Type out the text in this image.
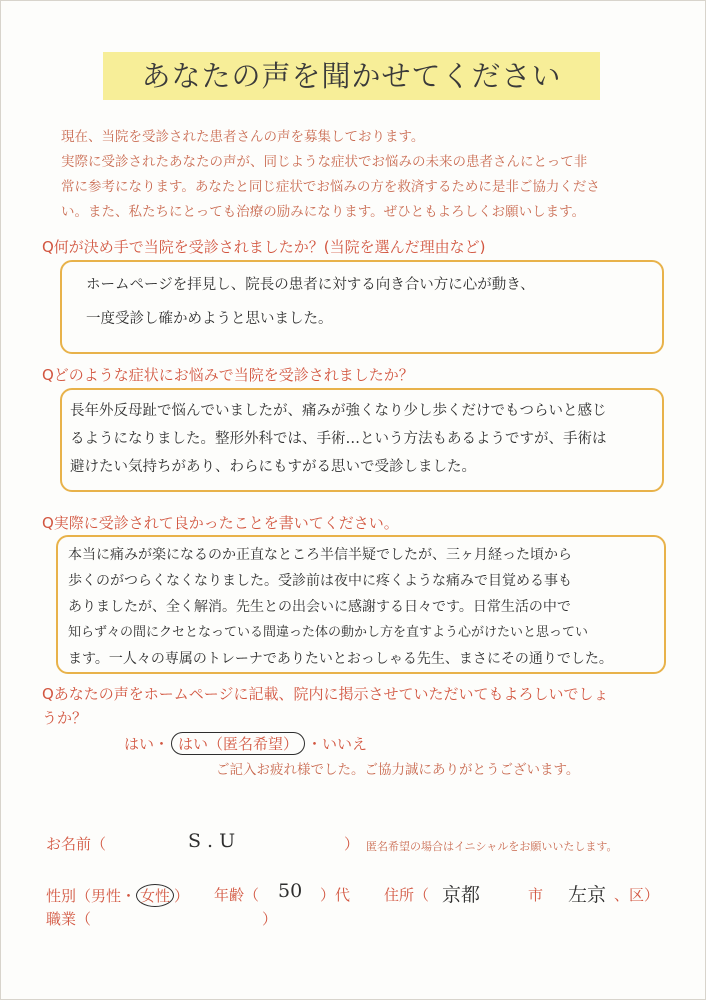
あなたの声を聞かせてください

現在、当院を受診された患者さんの声を募集しております。

実際に受診されたあなたの声が、同じような症状でお悩みの未来の患者さんにとって非

常に参考になります。あなたと同じ症状でお悩みの方を救済するために是非ご協力くださ

い。また、私たちにとっても治療の励みになります。ぜひともよろしくお願いします。

Q何が決め手で当院を受診されましたか？(当院を選んだ理由など)

ホームページを拝見し、院長の患者に対する向き合い方に心が動き、

一度受診し確かめようと思いました。

Qどのような症状にお悩みで当院を受診されましたか？

長年外反母趾で悩んでいましたが、痛みが強くなり少し歩くだけでもつらいと感じ

るようになりました。整形外科では、手術…という方法もあるようですが、手術は

避けたい気持ちがあり、わらにもすがる思いで受診しました。

Q実際に受診されて良かったことを書いてください。

本当に痛みが楽になるのか正直なところ半信半疑でしたが、三ヶ月経った頃から

歩くのがつらくなくなりました。受診前は夜中に疼くような痛みで目覚める事も

ありましたが、全く解消。先生との出会いに感謝する日々です。日常生活の中で

知らず々の間にクセとなっている間違った体の動かし方を直すよう心がけたいと思ってい

ます。一人々の専属のトレーナでありたいとおっしゃる先生、まさにその通りでした。

Qあなたの声をホームページに記載、院内に掲示させていただいてもよろしいでしょ
うか？
はい・ はい（匿名希望） ・いいえ
ご記入お疲れ様でした。ご協力誠にありがとうございます。
お名前（	S . U	） 匿名希望の場合はイニシャルをお願いいたします。
性別（男性・ 女性 ） 年齢（ 50 ）代 住所（ 京都	市 左京 、区）
職業（	）
